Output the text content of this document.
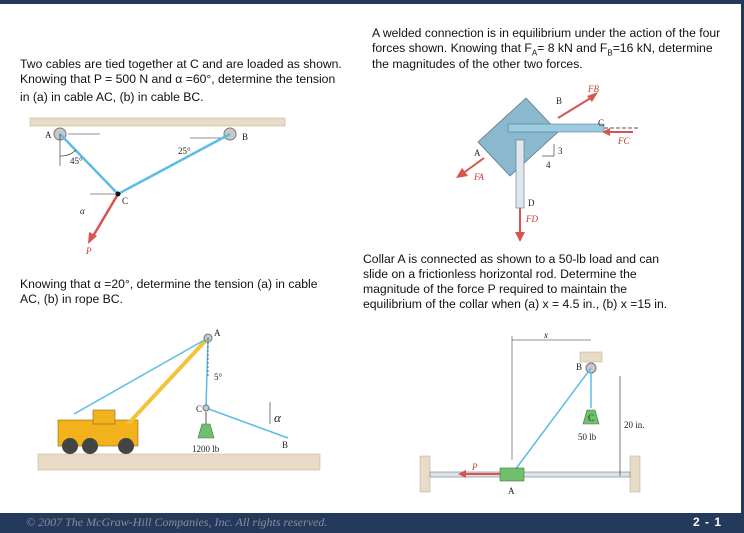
Two cables are tied together at C and are loaded as shown.
Knowing that P = 500 N and α =60°, determine the tension
in (a) in cable AC, (b) in cable BC.
A welded connection is in equilibrium under the action of the four
forces shown. Knowing that $F_A= 8$ kN and $F_B=16$ kN, determine
the magnitudes of the other two forces.
Knowing that α =20°, determine the tension (a) in cable
AC, (b) in rope BC.
Collar A is connected as shown to a 50-lb load and can
slide on a frictionless horizontal rod. Determine the
magnitude of the force P required to maintain the
equilibrium of the collar when (a) x = 4.5 in., (b) x =15 in.
A	B
C
P
45°
25°
α
B
C
A
D
FB
FC
FA
FD
3
4
A
C
B
5°
α
1200 lb
B
C
A
P
x
20 in.
50 lb
© 2007 The McGraw-Hill Companies, Inc. All rights reserved.	2 - 1
